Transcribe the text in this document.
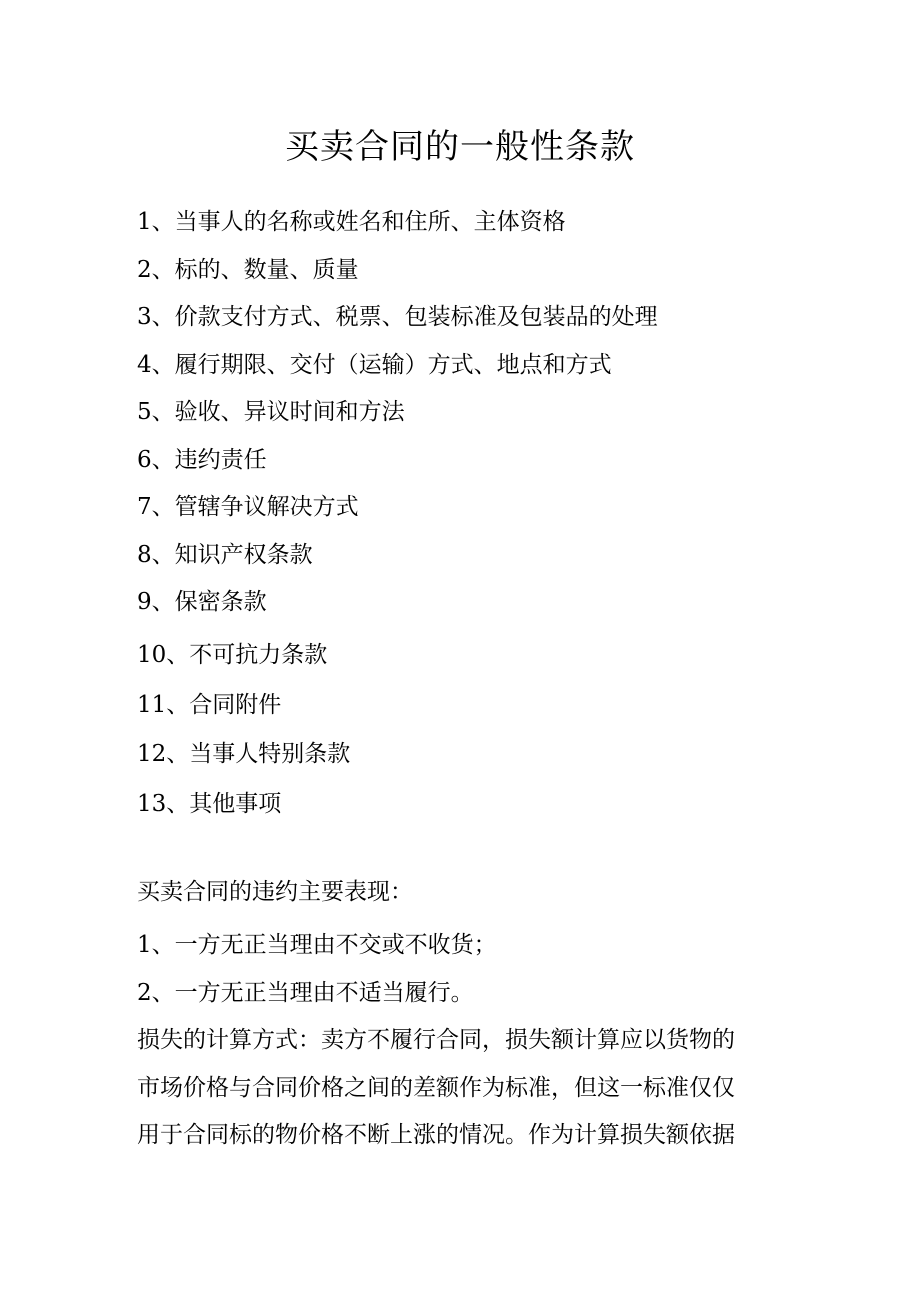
买卖合同的一般性条款
1、当事人的名称或姓名和住所、主体资格
2、标的、数量、质量
3、价款支付方式、税票、包装标准及包装品的处理
4、履行期限、交付（运输）方式、地点和方式
5、验收、异议时间和方法
6、违约责任
7、管辖争议解决方式
8、知识产权条款
9、保密条款
10、不可抗力条款
11、合同附件
12、当事人特别条款
13、其他事项
买卖合同的违约主要表现：
1、一方无正当理由不交或不收货；
2、一方无正当理由不适当履行。
损失的计算方式：卖方不履行合同，损失额计算应以货物的
市场价格与合同价格之间的差额作为标准，但这一标准仅仅
用于合同标的物价格不断上涨的情况。作为计算损失额依据
